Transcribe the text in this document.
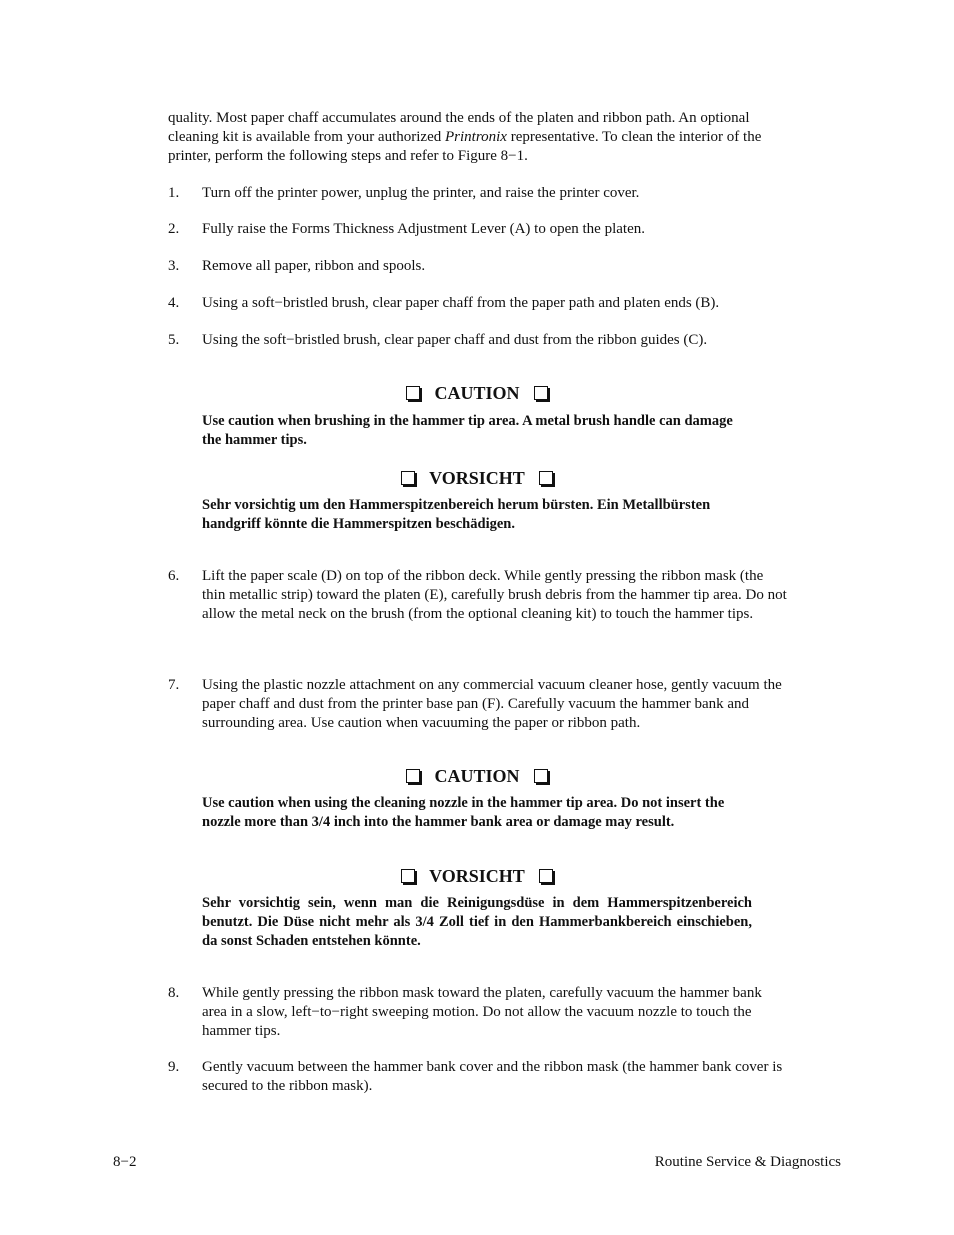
quality. Most paper chaff accumulates around the ends of the platen and ribbon path. An optional cleaning kit is available from your authorized Printronix representative. To clean the interior of the printer, perform the following steps and refer to Figure 8−1.
1.	Turn off the printer power, unplug the printer, and raise the printer cover.
2.	Fully raise the Forms Thickness Adjustment Lever (A) to open the platen.
3.	Remove all paper, ribbon and spools.
4.	Using a soft−bristled brush, clear paper chaff from the paper path and platen ends (B).
5.	Using the soft−bristled brush, clear paper chaff and dust from the ribbon guides (C).
CAUTION
Use caution when brushing in the hammer tip area. A metal brush handle can damage the hammer tips.
VORSICHT
Sehr vorsichtig um den Hammerspitzenbereich herum bürsten. Ein Metallbürsten handgriff könnte die Hammerspitzen beschädigen.
6.	Lift the paper scale (D) on top of the ribbon deck. While gently pressing the ribbon mask (the thin metallic strip) toward the platen (E), carefully brush debris from the hammer tip area. Do not allow the metal neck on the brush (from the optional cleaning kit) to touch the hammer tips.
7.	Using the plastic nozzle attachment on any commercial vacuum cleaner hose, gently vacuum the paper chaff and dust from the printer base pan (F). Carefully vacuum the hammer bank and surrounding area. Use caution when vacuuming the paper or ribbon path.
CAUTION
Use caution when using the cleaning nozzle in the hammer tip area. Do not insert the nozzle more than 3/4 inch into the hammer bank area or damage may result.
VORSICHT
Sehr vorsichtig sein, wenn man die Reinigungsdüse in dem Hammerspitzenbereich benutzt. Die Düse nicht mehr als 3/4 Zoll tief in den Hammerbankbereich einschieben, da sonst Schaden entstehen könnte.
8.	While gently pressing the ribbon mask toward the platen, carefully vacuum the hammer bank area in a slow, left−to−right sweeping motion. Do not allow the vacuum nozzle to touch the hammer tips.
9.	Gently vacuum between the hammer bank cover and the ribbon mask (the hammer bank cover is secured to the ribbon mask).
8−2	Routine Service & Diagnostics
